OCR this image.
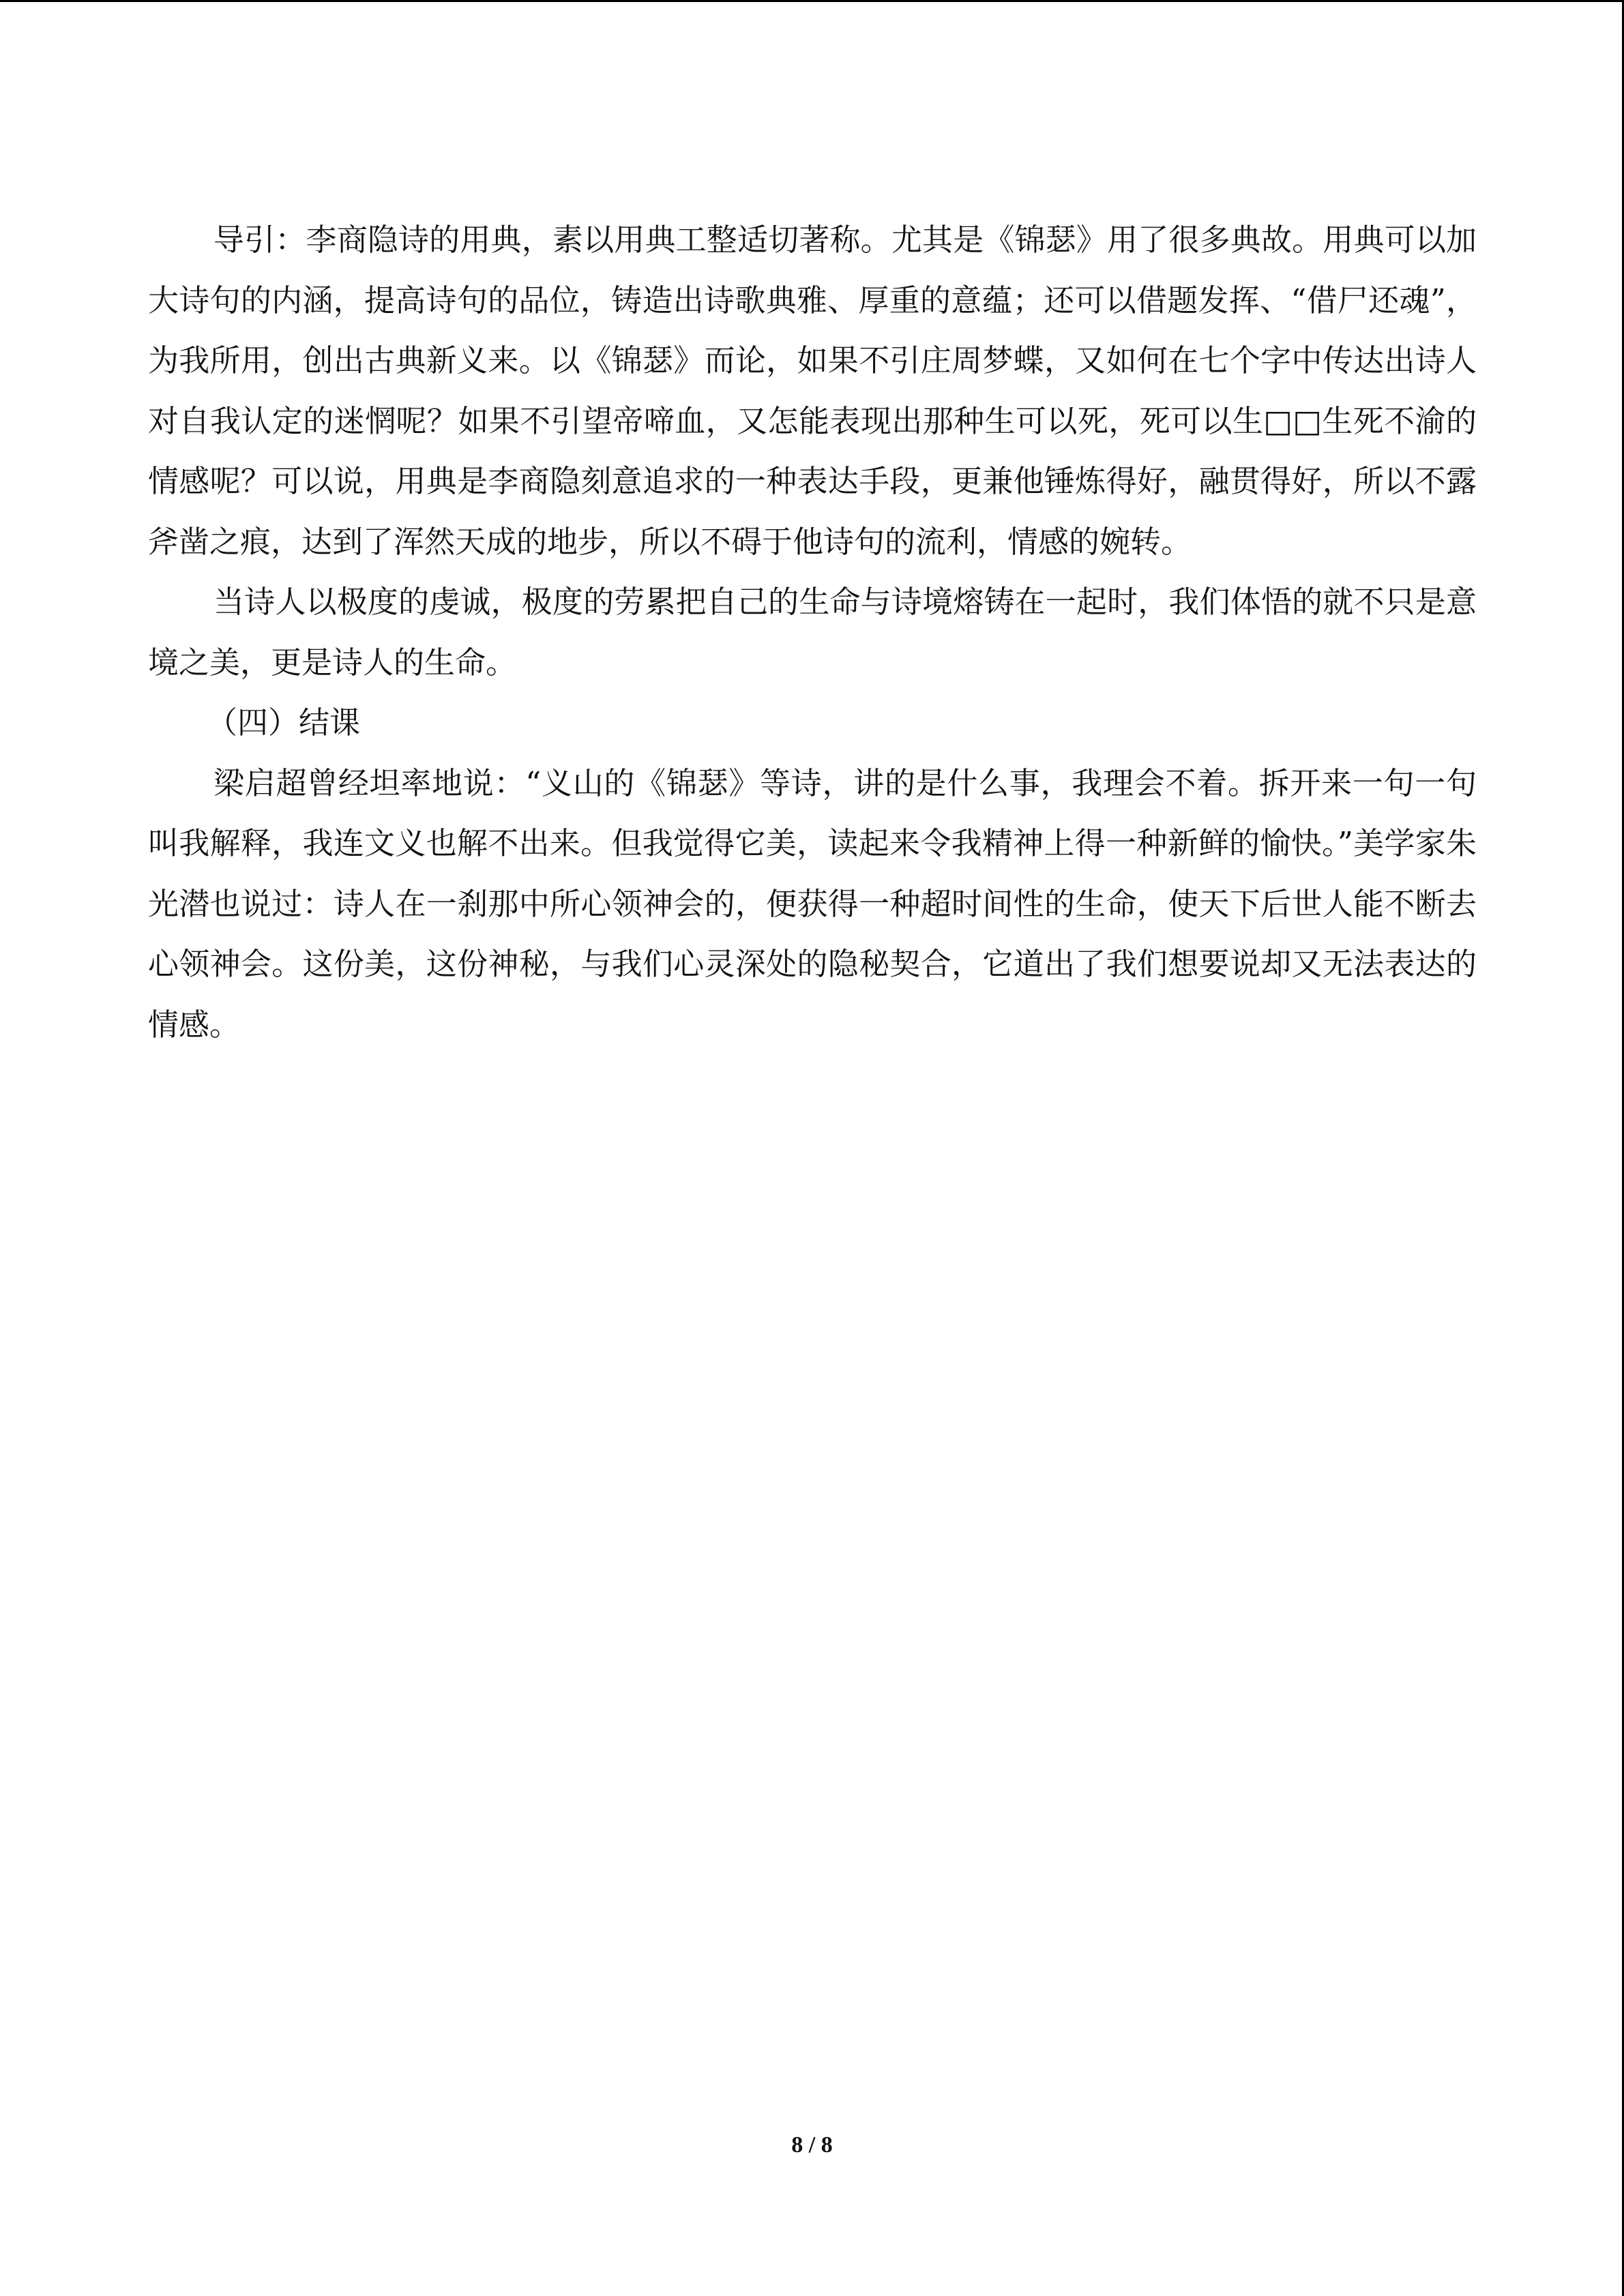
导引：李商隐诗的用典，素以用典工整适切著称。尤其是《锦瑟》用了很多典故。用典可以加大诗句的内涵，提高诗句的品位，铸造出诗歌典雅、厚重的意蕴；还可以借题发挥、“借尸还魂”，为我所用，创出古典新义来。以《锦瑟》而论，如果不引庄周梦蝶，又如何在七个字中传达出诗人对自我认定的迷惘呢？如果不引望帝啼血，又怎能表现出那种生可以死，死可以生□□生死不渝的情感呢？可以说，用典是李商隐刻意追求的一种表达手段，更兼他锤炼得好，融贯得好，所以不露斧凿之痕，达到了浑然天成的地步，所以不碍于他诗句的流利，情感的婉转。

当诗人以极度的虔诚，极度的劳累把自己的生命与诗境熔铸在一起时，我们体悟的就不只是意境之美，更是诗人的生命。

（四）结课

梁启超曾经坦率地说：“义山的《锦瑟》等诗，讲的是什么事，我理会不着。拆开来一句一句叫我解释，我连文义也解不出来。但我觉得它美，读起来令我精神上得一种新鲜的愉快。”美学家朱光潜也说过：诗人在一刹那中所心领神会的，便获得一种超时间性的生命，使天下后世人能不断去心领神会。这份美，这份神秘，与我们心灵深处的隐秘契合，它道出了我们想要说却又无法表达的情感。

8 / 8
